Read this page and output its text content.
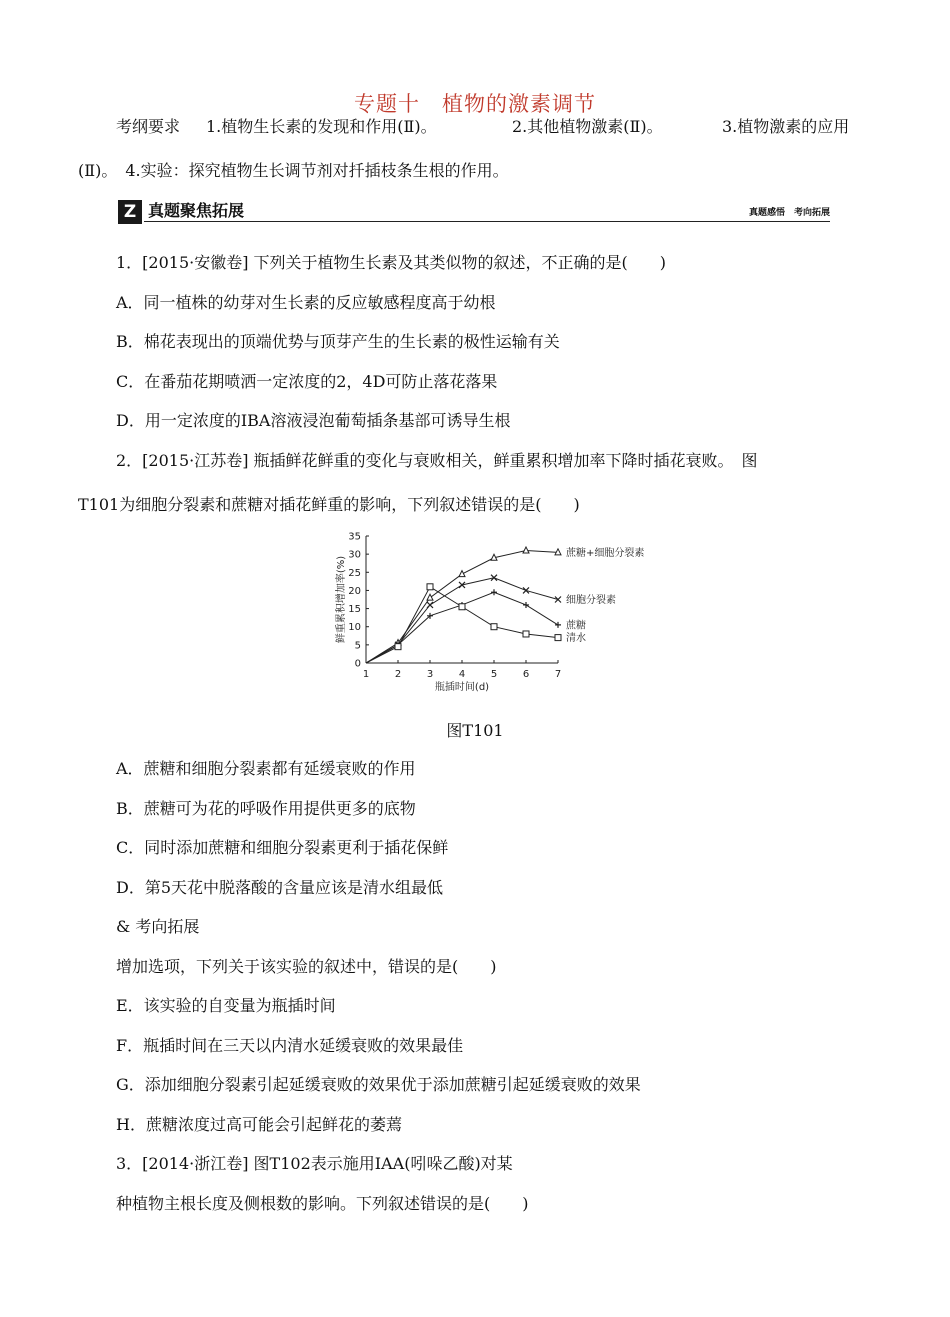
专题十　植物的激素调节
考纲要求 1.植物生长素的发现和作用(Ⅱ)。	2.其他植物激素(Ⅱ)。	3.植物激素的应用
(Ⅱ)。　4.实验：探究植物生长调节剂对扦插枝条生根的作用。
Z 真题聚焦拓展	真题感悟　考向拓展
1．[2015·安徽卷] 下列关于植物生长素及其类似物的叙述，不正确的是(　　)
A．同一植株的幼芽对生长素的反应敏感程度高于幼根
B．棉花表现出的顶端优势与顶芽产生的生长素的极性运输有关
C．在番茄花期喷洒一定浓度的2，4D可防止落花落果
D．用一定浓度的IBA溶液浸泡葡萄插条基部可诱导生根
2．[2015·江苏卷] 瓶插鲜花鲜重的变化与衰败相关，鲜重累积增加率下降时插花衰败。　图
T101为细胞分裂素和蔗糖对插花鲜重的影响，下列叙述错误的是(　　)
0
5
10
15
20
25
30
35
1	2	3	4	5	6	7
瓶插时间(d)
鲜重累积增加率(%)
蔗糖+细胞分裂素
细胞分裂素
蔗糖
清水
图T101
A．蔗糖和细胞分裂素都有延缓衰败的作用
B．蔗糖可为花的呼吸作用提供更多的底物
C．同时添加蔗糖和细胞分裂素更利于插花保鲜
D．第5天花中脱落酸的含量应该是清水组最低
& 考向拓展
增加选项，下列关于该实验的叙述中，错误的是(　　)
E．该实验的自变量为瓶插时间
F．瓶插时间在三天以内清水延缓衰败的效果最佳
G．添加细胞分裂素引起延缓衰败的效果优于添加蔗糖引起延缓衰败的效果
H．蔗糖浓度过高可能会引起鲜花的萎蔫
3．[2014·浙江卷] 图T102表示施用IAA(吲哚乙酸)对某
种植物主根长度及侧根数的影响。下列叙述错误的是(　　)
